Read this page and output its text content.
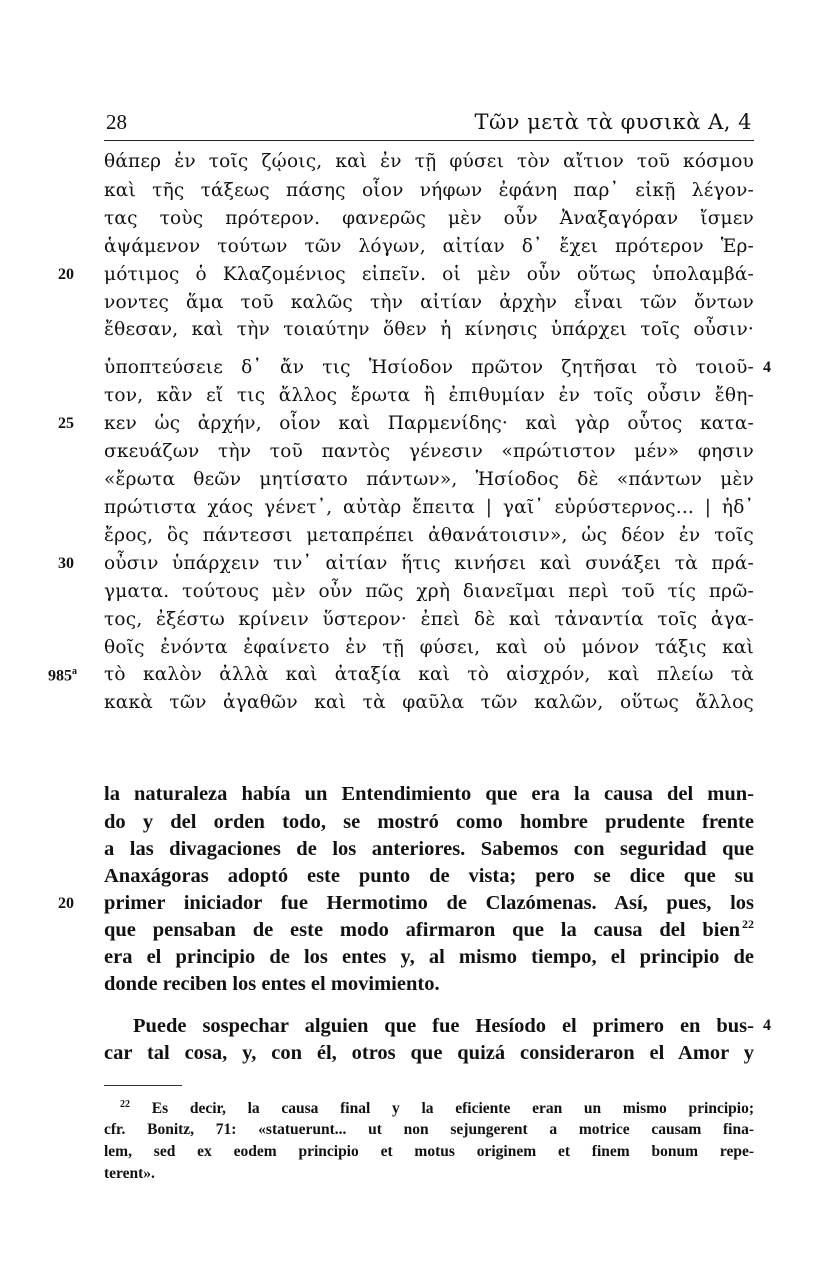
28	Τῶν μετὰ τὰ φυσικὰ Α, 4
θάπερ ἐν τοῖς ζῴοις, καὶ ἐν τῇ φύσει τὸν αἴτιον τοῦ κόσμου
καὶ τῆς τάξεως πάσης οἷον νήφων ἐφάνη παρ᾽ εἰκῇ λέγον-
τας τοὺς πρότερον. φανερῶς μὲν οὖν Ἀναξαγόραν ἴσμεν
ἁψάμενον τούτων τῶν λόγων, αἰτίαν δ᾽ ἔχει πρότερον Ἑρ-
μότιμος ὁ Κλαζομένιος εἰπεῖν. οἱ μὲν οὖν οὕτως ὑπολαμβά-
νοντες ἅμα τοῦ καλῶς τὴν αἰτίαν ἀρχὴν εἶναι τῶν ὄντων
ἔθεσαν, καὶ τὴν τοιαύτην ὅθεν ἡ κίνησις ὑπάρχει τοῖς οὖσιν·
ὑποπτεύσειε δ᾽ ἄν τις Ἡσίοδον πρῶτον ζητῆσαι τὸ τοιοῦ-
τον, κἂν εἴ τις ἄλλος ἔρωτα ἢ ἐπιθυμίαν ἐν τοῖς οὖσιν ἔθη-
κεν ὡς ἀρχήν, οἷον καὶ Παρμενίδης· καὶ γὰρ οὗτος κατα-
σκευάζων τὴν τοῦ παντὸς γένεσιν «πρώτιστον μέν» φησιν
«ἔρωτα θεῶν μητίσατο πάντων», Ἡσίοδος δὲ «πάντων μὲν
πρώτιστα χάος γένετ᾽, αὐτὰρ ἔπειτα | γαῖ᾽ εὐρύστερνος... | ἠδ᾽
ἔρος, ὃς πάντεσσι μεταπρέπει ἀθανάτοισιν», ὡς δέον ἐν τοῖς
οὖσιν ὑπάρχειν τιν᾽ αἰτίαν ἥτις κινήσει καὶ συνάξει τὰ πρά-
γματα. τούτους μὲν οὖν πῶς χρὴ διανεῖμαι περὶ τοῦ τίς πρῶ-
τος, ἐξέστω κρίνειν ὕστερον· ἐπεὶ δὲ καὶ τἀναντία τοῖς ἀγα-
θοῖς ἐνόντα ἐφαίνετο ἐν τῇ φύσει, καὶ οὐ μόνον τάξις καὶ
τὸ καλὸν ἀλλὰ καὶ ἀταξία καὶ τὸ αἰσχρόν, καὶ πλείω τὰ
κακὰ τῶν ἀγαθῶν καὶ τὰ φαῦλα τῶν καλῶν, οὕτως ἄλλος
20
25
30
985$^a$
4
la naturaleza había un Entendimiento que era la causa del mun-
do y del orden todo, se mostró como hombre prudente frente
a las divagaciones de los anteriores. Sabemos con seguridad que
Anaxágoras adoptó este punto de vista; pero se dice que su
primer iniciador fue Hermotimo de Clazómenas. Así, pues, los
que pensaban de este modo afirmaron que la causa del bien$^{22}$
era el principio de los entes y, al mismo tiempo, el principio de
donde reciben los entes el movimiento.
Puede sospechar alguien que fue Hesíodo el primero en bus-
car tal cosa, y, con él, otros que quizá consideraron el Amor y
20
4
$^{22}$ Es decir, la causa final y la eficiente eran un mismo principio;
cfr. Bonitz, 71: «statuerunt... ut non sejungerent a motrice causam fina-
lem, sed ex eodem principio et motus originem et finem bonum repe-
terent».
